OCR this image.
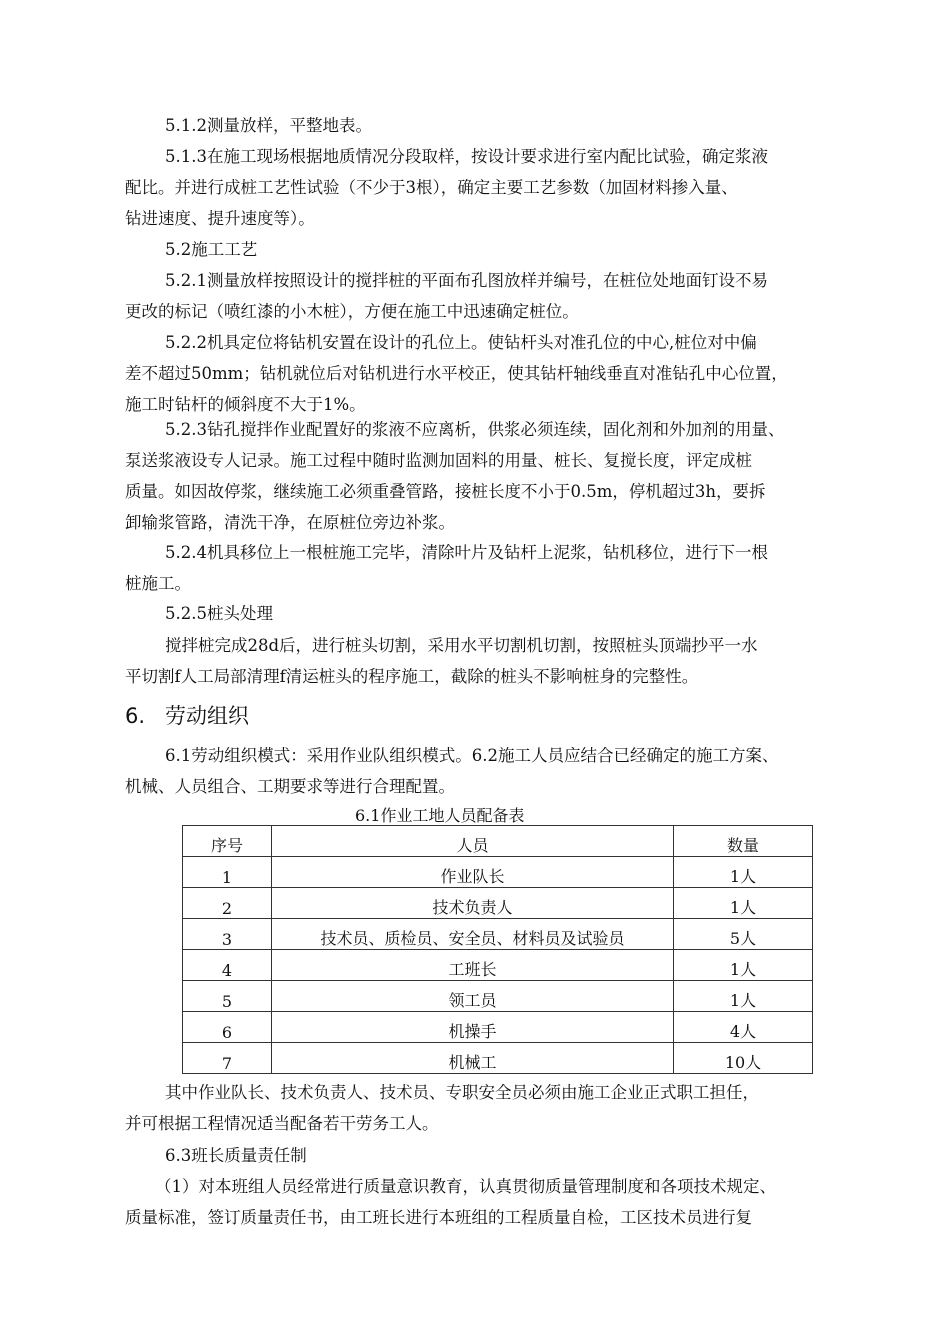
5.1.2测量放样，平整地表。

5.1.3在施工现场根据地质情况分段取样，按设计要求进行室内配比试验，确定浆液
配比。并进行成桩工艺性试验（不少于3根），确定主要工艺参数（加固材料掺入量、
钻进速度、提升速度等）。

5.2施工工艺

5.2.1测量放样按照设计的搅拌桩的平面布孔图放样并编号，在桩位处地面钉设不易
更改的标记（喷红漆的小木桩），方便在施工中迅速确定桩位。

5.2.2机具定位将钻机安置在设计的孔位上。使钻杆头对准孔位的中心,桩位对中偏
差不超过50mm；钻机就位后对钻机进行水平校正，使其钻杆轴线垂直对准钻孔中心位置，
施工时钻杆的倾斜度不大于1%。

5.2.3钻孔搅拌作业配置好的浆液不应离析，供浆必须连续，固化剂和外加剂的用量、
泵送浆液设专人记录。施工过程中随时监测加固料的用量、桩长、复搅长度，评定成桩
质量。如因故停浆，继续施工必须重叠管路，接桩长度不小于0.5m，停机超过3h，要拆
卸输浆管路，清洗干净，在原桩位旁边补浆。

5.2.4机具移位上一根桩施工完毕，清除叶片及钻杆上泥浆，钻机移位，进行下一根
桩施工。

5.2.5桩头处理

搅拌桩完成28d后，进行桩头切割，采用水平切割机切割，按照桩头顶端抄平一水
平切割f人工局部清理f清运桩头的程序施工，截除的桩头不影响桩身的完整性。

6. 劳动组织

6.1劳动组织模式：采用作业队组织模式。6.2施工人员应结合已经确定的施工方案、
机械、人员组合、工期要求等进行合理配置。

6.1作业工地人员配备表
序号	人员	数量
1	作业队长	1人
2	技术负责人	1人
3	技术员、质检员、安全员、材料员及试验员	5人
4	工班长	1人
5	领工员	1人
6	机操手	4人
7	机械工	10人

其中作业队长、技术负责人、技术员、专职安全员必须由施工企业正式职工担任，
并可根据工程情况适当配备若干劳务工人。

6.3班长质量责任制

（1）对本班组人员经常进行质量意识教育，认真贯彻质量管理制度和各项技术规定、
质量标准，签订质量责任书，由工班长进行本班组的工程质量自检，工区技术员进行复
